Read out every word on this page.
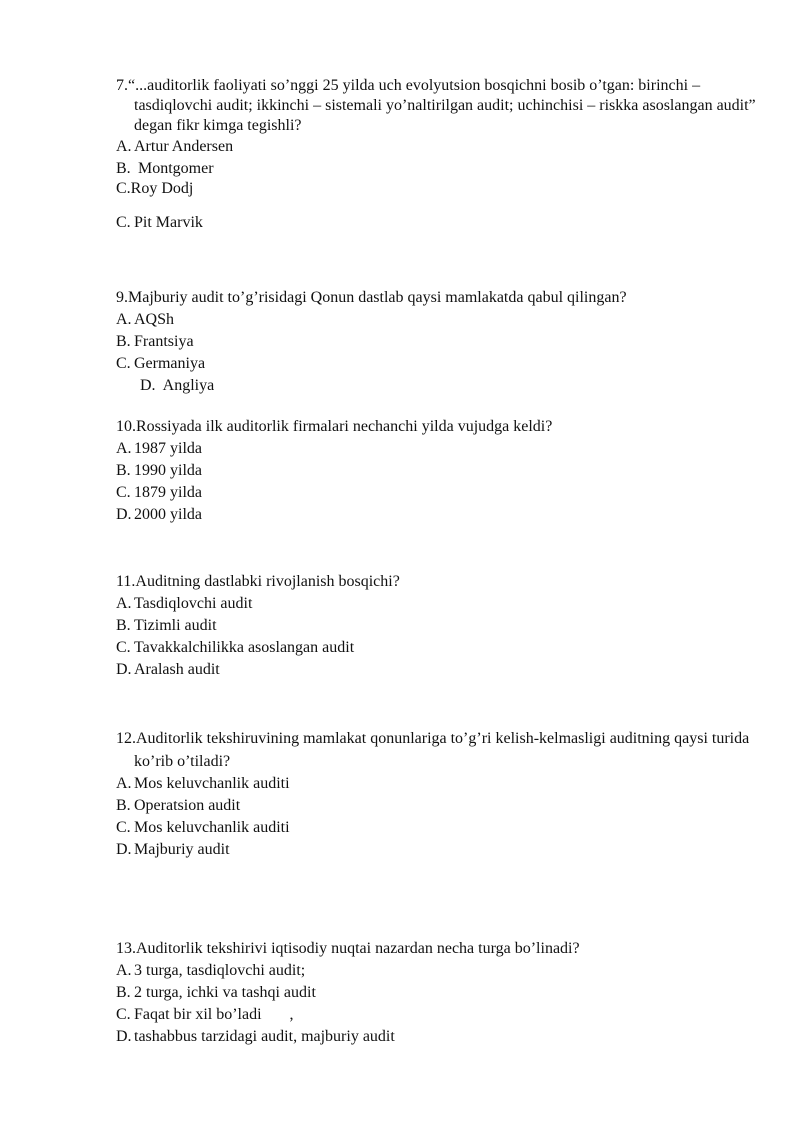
7.“...auditorlik faoliyati so’nggi 25 yilda uch evolyutsion bosqichni bosib o’tgan: birinchi – tasdiqlovchi audit; ikkinchi – sistemali yo’naltirilgan audit; uchinchisi – riskka asoslangan audit” degan fikr kimga tegishli?
A. Artur Andersen
B. Montgomer
C.Roy Dodj
C. Pit Marvik
9.Majburiy audit to’g’risidagi Qonun dastlab qaysi mamlakatda qabul qilingan?
A. AQSh
B. Frantsiya
C. Germaniya
D.  Angliya
10.Rossiyada ilk auditorlik firmalari nechanchi yilda vujudga keldi?
A. 1987 yilda
B. 1990 yilda
C. 1879 yilda
D. 2000 yilda
11.Auditning dastlabki rivojlanish bosqichi?
A. Tasdiqlovchi audit
B. Tizimli audit
C. Tavakkalchilikka asoslangan audit
D. Aralash audit
12.Auditorlik tekshiruvining mamlakat qonunlariga to’g’ri kelish-kelmasligi auditning qaysi turida ko’rib o’tiladi?
A. Mos keluvchanlik auditi
B. Operatsion audit
C. Mos keluvchanlik auditi
D. Majburiy audit
13.Auditorlik tekshirivi iqtisodiy nuqtai nazardan necha turga bo’linadi?
A. 3 turga, tasdiqlovchi audit;
B. 2 turga, ichki va tashqi audit
C. Faqat bir xil bo’ladi       ,
D. tashabbus tarzidagi audit, majburiy audit
